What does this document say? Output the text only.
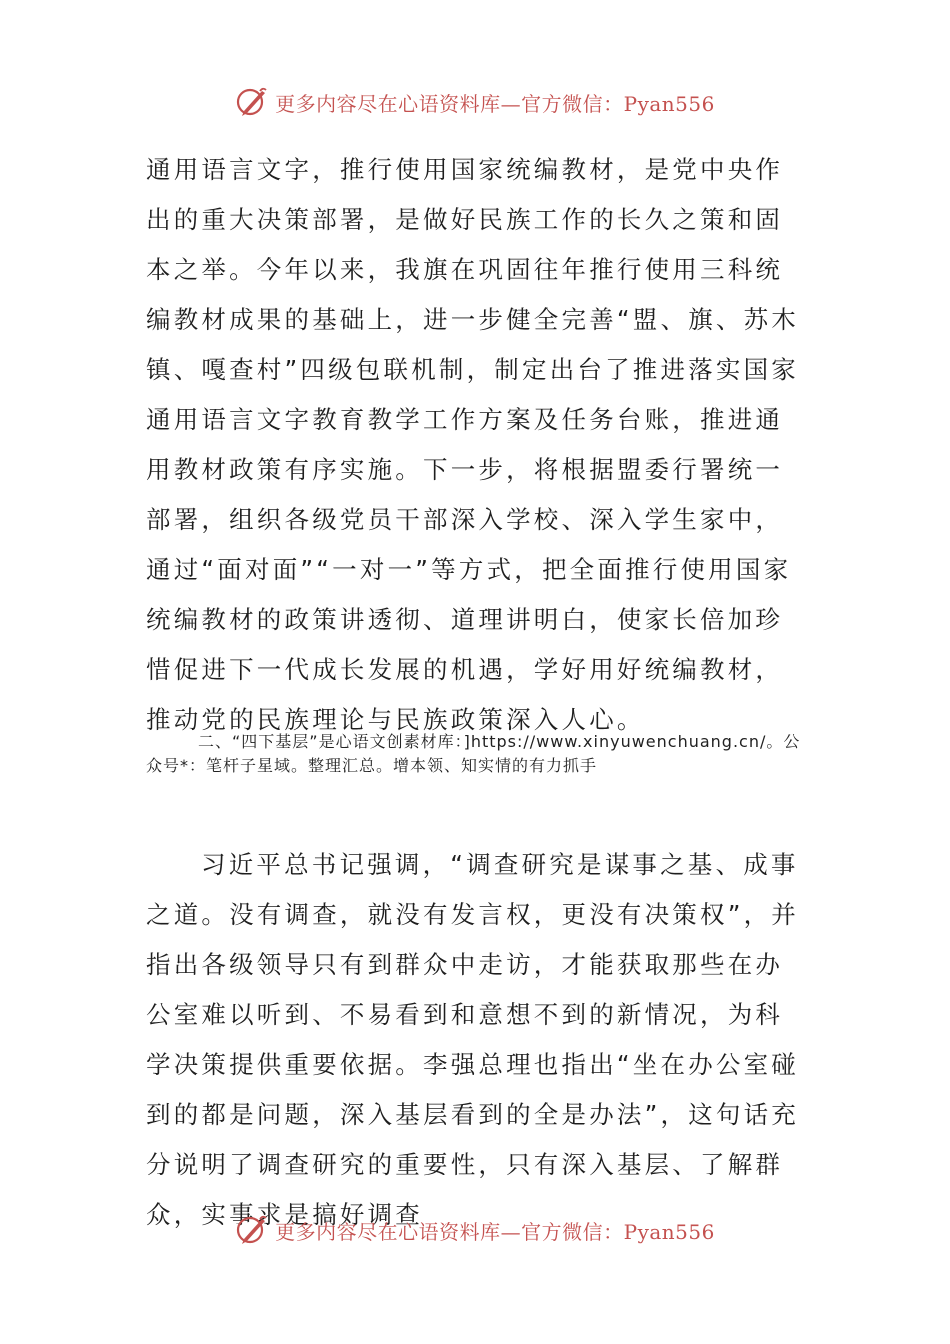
更多内容尽在心语资料库—官方微信：Pyan556

通用语言文字，推行使用国家统编教材，是党中央作出的重大决策部署，是做好民族工作的长久之策和固本之举。今年以来，我旗在巩固往年推行使用三科统编教材成果的基础上，进一步健全完善“盟、旗、苏木镇、嘎查村”四级包联机制，制定出台了推进落实国家通用语言文字教育教学工作方案及任务台账，推进通用教材政策有序实施。下一步，将根据盟委行署统一部署，组织各级党员干部深入学校、深入学生家中，通过“面对面”“一对一”等方式，把全面推行使用国家统编教材的政策讲透彻、道理讲明白，使家长倍加珍惜促进下一代成长发展的机遇，学好用好统编教材，推动党的民族理论与民族政策深入人心。

二、“四下基层”是心语文创素材库：]https://www.xinyuwenchuang.cn/。公众号*：笔杆子星域。整理汇总。增本领、知实情的有力抓手

习近平总书记强调，“调查研究是谋事之基、成事之道。没有调查，就没有发言权，更没有决策权”，并指出各级领导只有到群众中走访，才能获取那些在办公室难以听到、不易看到和意想不到的新情况，为科学决策提供重要依据。李强总理也指出“坐在办公室碰到的都是问题，深入基层看到的全是办法”，这句话充分说明了调查研究的重要性，只有深入基层、了解群众，实事求是搞好调查

更多内容尽在心语资料库—官方微信：Pyan556
